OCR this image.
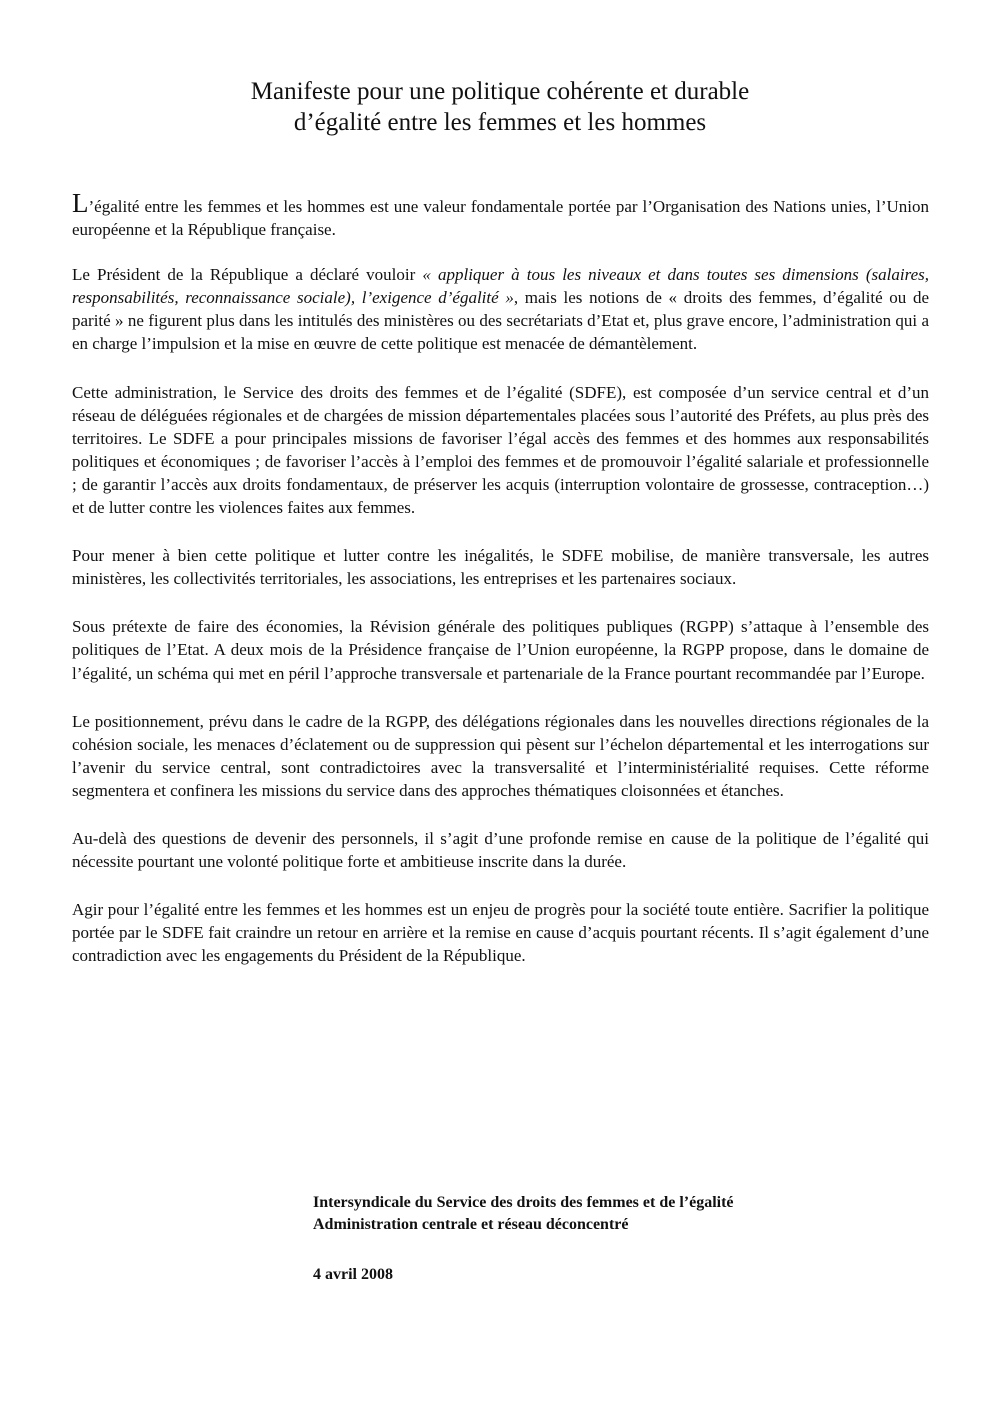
Manifeste pour une politique cohérente et durable
d’égalité entre les femmes et les hommes

L’égalité entre les femmes et les hommes est une valeur fondamentale portée par l’Organisation des Nations unies, l’Union européenne et la République française.

Le Président de la République a déclaré vouloir « appliquer à tous les niveaux et dans toutes ses dimensions (salaires, responsabilités, reconnaissance sociale), l’exigence d’égalité », mais les notions de « droits des femmes, d’égalité ou de parité » ne figurent plus dans les intitulés des ministères ou des secrétariats d’Etat et, plus grave encore, l’administration qui a en charge l’impulsion et la mise en œuvre de cette politique est menacée de démantèlement.

Cette administration, le Service des droits des femmes et de l’égalité (SDFE), est composée d’un service central et d’un réseau de déléguées régionales et de chargées de mission départementales placées sous l’autorité des Préfets, au plus près des territoires. Le SDFE a pour principales missions de favoriser l’égal accès des femmes et des hommes aux responsabilités politiques et économiques ; de favoriser l’accès à l’emploi des femmes et de promouvoir l’égalité salariale et professionnelle ; de garantir l’accès aux droits fondamentaux, de préserver les acquis (interruption volontaire de grossesse, contraception…) et de lutter contre les violences faites aux femmes.

Pour mener à bien cette politique et lutter contre les inégalités, le SDFE mobilise, de manière transversale, les autres ministères, les collectivités territoriales, les associations, les entreprises et les partenaires sociaux.

Sous prétexte de faire des économies, la Révision générale des politiques publiques (RGPP) s’attaque à l’ensemble des politiques de l’Etat. A deux mois de la Présidence française de l’Union européenne, la RGPP propose, dans le domaine de l’égalité, un schéma qui met en péril l’approche transversale et partenariale de la France pourtant recommandée par l’Europe.

Le positionnement, prévu dans le cadre de la RGPP, des délégations régionales dans les nouvelles directions régionales de la cohésion sociale, les menaces d’éclatement ou de suppression qui pèsent sur l’échelon départemental et les interrogations sur l’avenir du service central, sont contradictoires avec la transversalité et l’interministérialité requises. Cette réforme segmentera et confinera les missions du service dans des approches thématiques cloisonnées et étanches.

Au-delà des questions de devenir des personnels, il s’agit d’une profonde remise en cause de la politique de l’égalité qui nécessite pourtant une volonté politique forte et ambitieuse inscrite dans la durée.

Agir pour l’égalité entre les femmes et les hommes est un enjeu de progrès pour la société toute entière. Sacrifier la politique portée par le SDFE fait craindre un retour en arrière et la remise en cause d’acquis pourtant récents. Il s’agit également d’une contradiction avec les engagements du Président de la République.

Intersyndicale du Service des droits des femmes et de l’égalité
Administration centrale et réseau déconcentré
4 avril 2008
